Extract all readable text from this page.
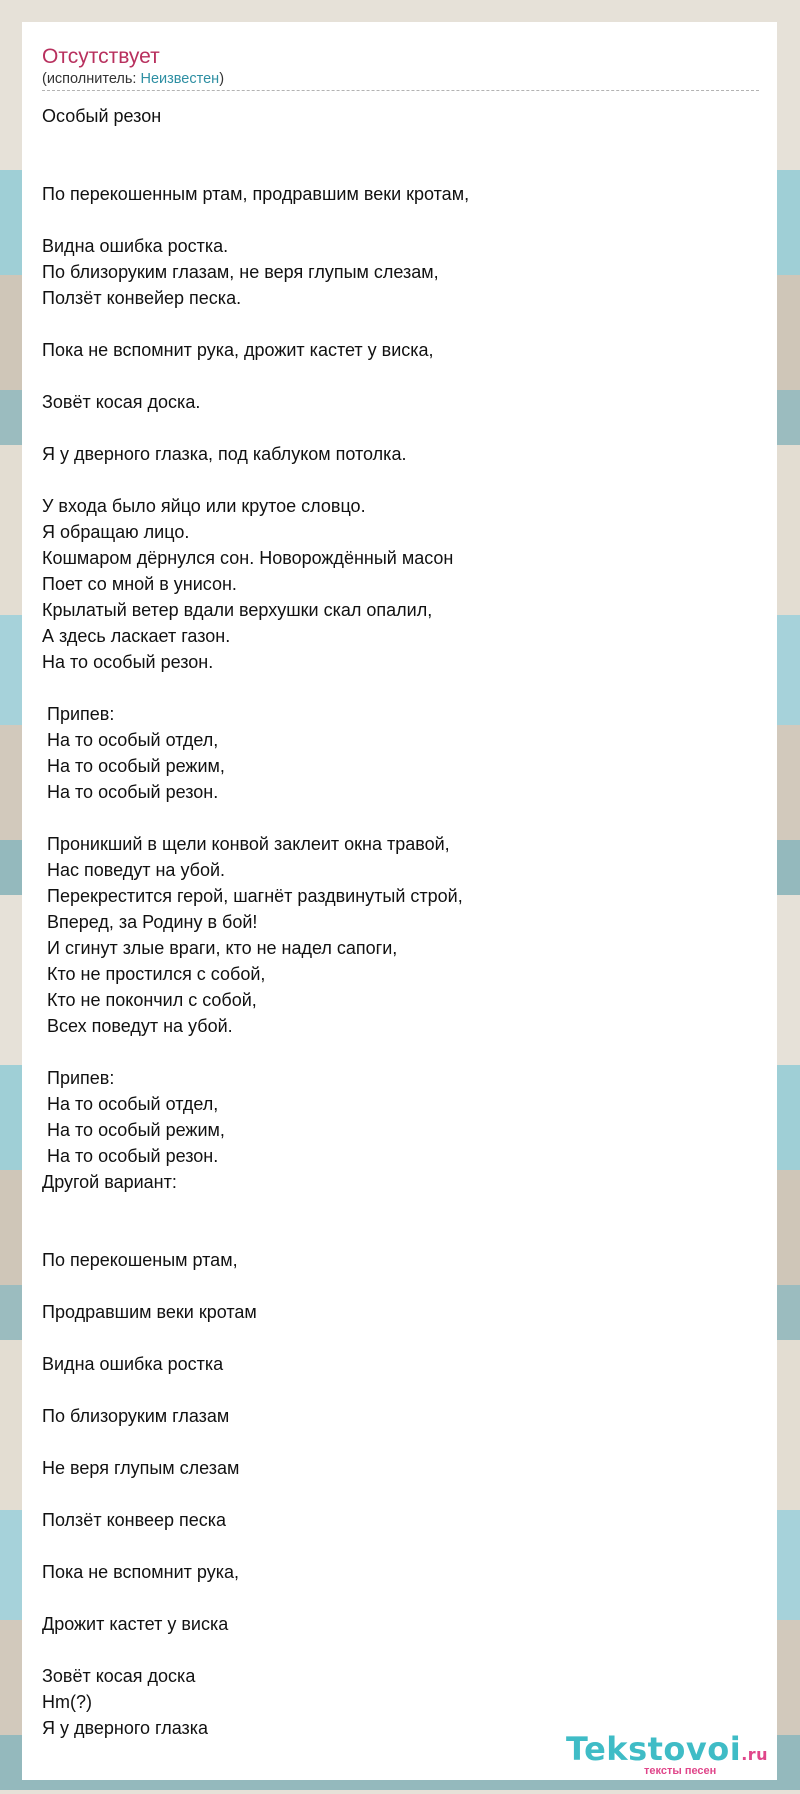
Отсутствует
(исполнитель: Неизвестен)
Особый резон
По перекошенным ртам, продравшим веки кротам,
Видна ошибка ростка.
По близоруким глазам, не веря глупым слезам,
Ползёт конвейер песка.
Пока не вспомнит рука, дрожит кастет у виска,
Зовёт косая доска.
Я у дверного глазка, под каблуком потолка.
У входа было яйцо или крутое словцо.
Я обращаю лицо.
Кошмаром дёрнулся сон. Новорождённый масон
Поет со мной в унисон.
Крылатый ветер вдали верхушки скал опалил,
А здесь ласкает газон.
На то особый резон.
Припев:
На то особый отдел,
На то особый режим,
На то особый резон.
Проникший в щели конвой заклеит окна травой,
Нас поведут на убой.
Перекрестится герой, шагнёт раздвинутый строй,
Вперед, за Родину в бой!
И сгинут злые враги, кто не надел сапоги,
Кто не простился с собой,
Кто не покончил с собой,
Всех поведут на убой.
Припев:
На то особый отдел,
На то особый режим,
На то особый резон.
Другой вариант:
По перекошеным ртам,
Продравшим веки кротам
Видна ошибка ростка
По близоруким глазам
Не веря глупым слезам
Ползёт конвеер песка
Пока не вспомнит рука,
Дрожит кастет у виска
Зовёт косая доска
Hm(?)
Я у дверного глазка
Tekstovoi.ru
тексты песен
